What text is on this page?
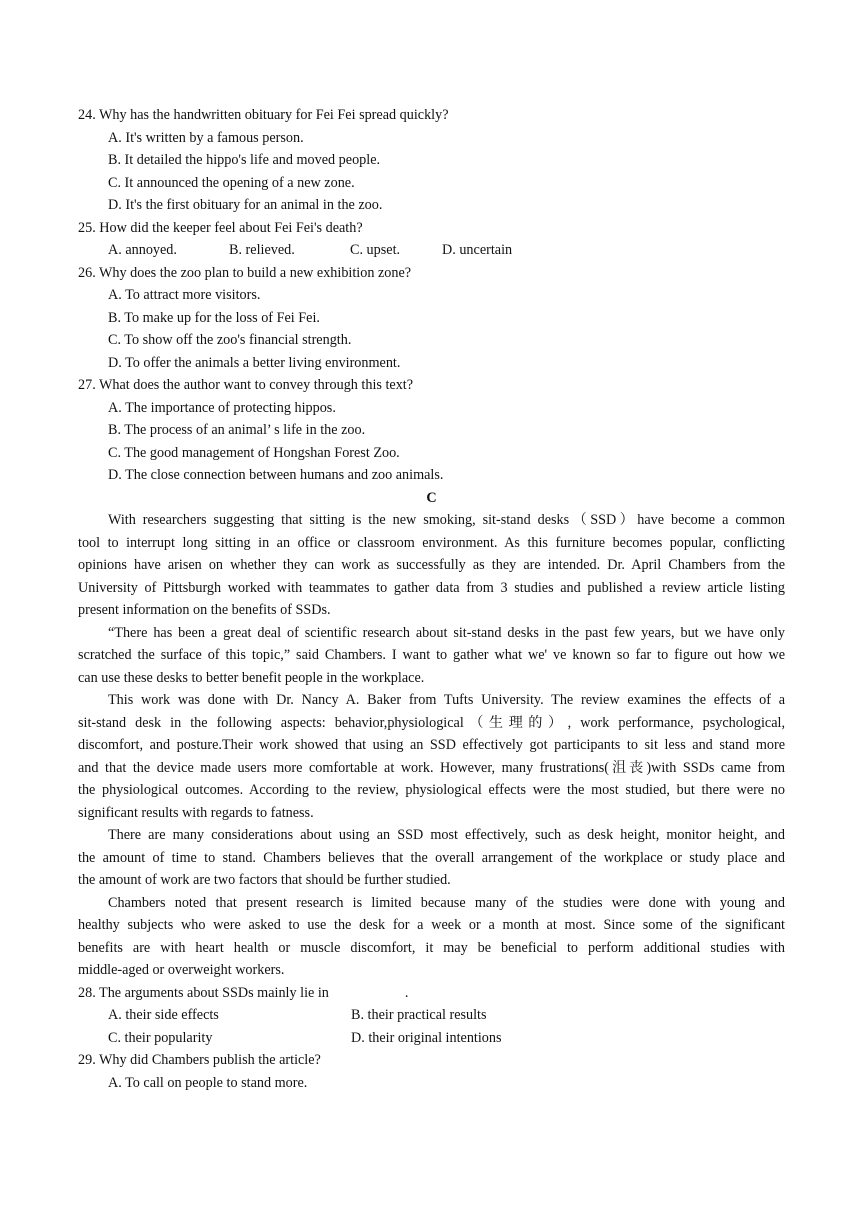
24. Why has the handwritten obituary for Fei Fei spread quickly?
A. It's written by a famous person.
B. It detailed the hippo's life and moved people.
C. It announced the opening of a new zone.
D. It's the first obituary for an animal in the zoo.
25. How did the keeper feel about Fei Fei's death?
A. annoyed.	B. relieved.	C. upset.	D. uncertain
26. Why does the zoo plan to build a new exhibition zone?
A. To attract more visitors.
B. To make up for the loss of Fei Fei.
C. To show off the zoo's financial strength.
D. To offer the animals a better living environment.
27. What does the author want to convey through this text?
A. The importance of protecting hippos.
B. The process of an animal’ s life in the zoo.
C. The good management of Hongshan Forest Zoo.
D. The close connection between humans and zoo animals.
C
With researchers suggesting that sitting is the new smoking, sit-stand desks（SSD）have become a common
tool to interrupt long sitting in an office or classroom environment. As this furniture becomes popular, conflicting
opinions have arisen on whether they can work as successfully as they are intended. Dr. April Chambers from the
University of Pittsburgh worked with teammates to gather data from 3 studies and published a review article listing
present information on the benefits of SSDs.
“There has been a great deal of scientific research about sit-stand desks in the past few years, but we have only
scratched the surface of this topic,” said Chambers. I want to gather what we' ve known so far to figure out how we
can use these desks to better benefit people in the workplace.
This work was done with Dr. Nancy A. Baker from Tufts University. The review examines the effects of a
sit-stand desk in the following aspects: behavior,physiological（生理的）, work performance, psychological,
discomfort, and posture.Their work showed that using an SSD effectively got participants to sit less and stand more
and that the device made users more comfortable at work. However, many frustrations(沮丧)with SSDs came from
the physiological outcomes. According to the review, physiological effects were the most studied, but there were no
significant results with regards to fatness.
There are many considerations about using an SSD most effectively, such as desk height, monitor height, and
the amount of time to stand. Chambers believes that the overall arrangement of the workplace or study place and
the amount of work are two factors that should be further studied.
Chambers noted that present research is limited because many of the studies were done with young and
healthy subjects who were asked to use the desk for a week or a month at most. Since some of the significant
benefits are with heart health or muscle discomfort, it may be beneficial to perform additional studies with
middle-aged or overweight workers.
28. The arguments about SSDs mainly lie in	.
A. their side effects	B. their practical results
C. their popularity	D. their original intentions
29. Why did Chambers publish the article?
A. To call on people to stand more.
